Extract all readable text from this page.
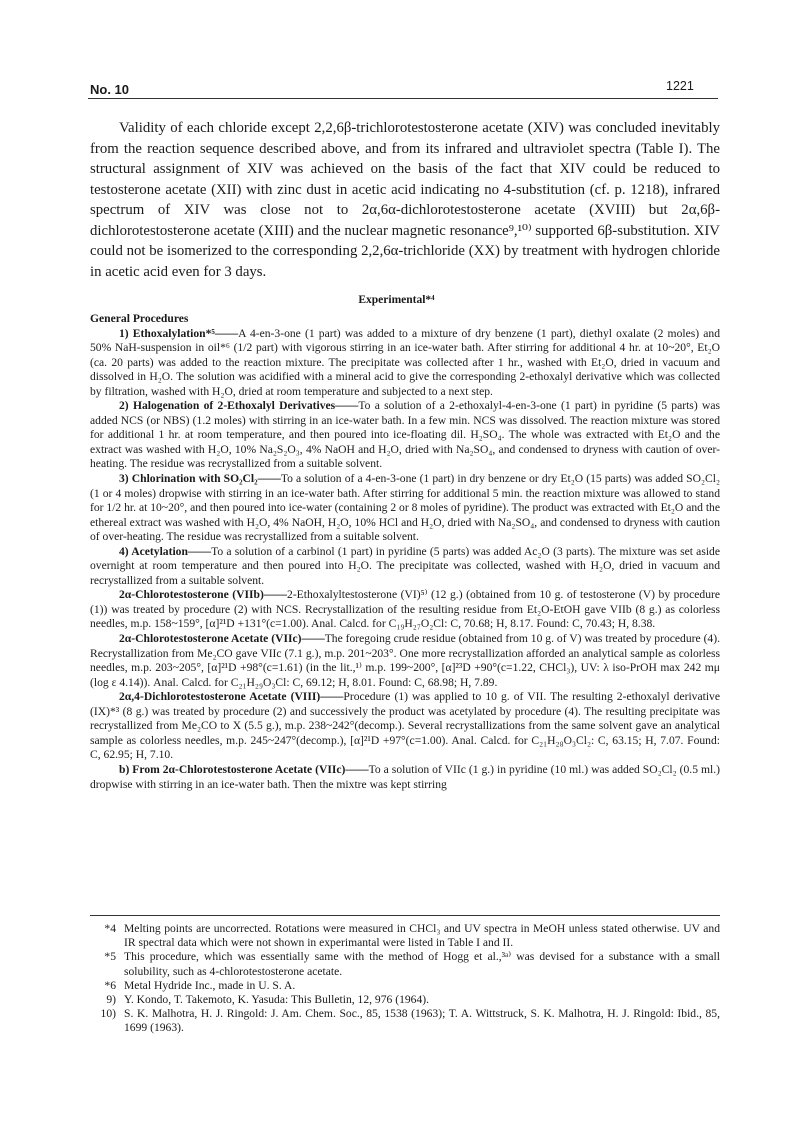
No. 10	1221

Validity of each chloride except 2,2,6β-trichlorotestosterone acetate (XIV) was concluded inevitably from the reaction sequence described above, and from its infrared and ultraviolet spectra (Table I). The structural assignment of XIV was achieved on the basis of the fact that XIV could be reduced to testosterone acetate (XII) with zinc dust in acetic acid indicating no 4-substitution (cf. p. 1218), infrared spectrum of XIV was close not to 2α,6α-dichlorotestosterone acetate (XVIII) but 2α,6β-dichlorotestosterone acetate (XIII) and the nuclear magnetic resonance⁹,¹⁰⁾ supported 6β-substitution. XIV could not be isomerized to the corresponding 2,2,6α-trichloride (XX) by treatment with hydrogen chloride in acetic acid even for 3 days.

Experimental*⁴

General Procedures

1) Ethoxalylation*⁵——A 4-en-3-one (1 part) was added to a mixture of dry benzene (1 part), diethyl oxalate (2 moles) and 50% NaH-suspension in oil*⁶ (1/2 part) with vigorous stirring in an ice-water bath. After stirring for additional 4 hr. at 10~20°, Et₂O (ca. 20 parts) was added to the reaction mixture. The precipitate was collected after 1 hr., washed with Et₂O, dried in vacuum and dissolved in H₂O. The solution was acidified with a mineral acid to give the corresponding 2-ethoxalyl derivative which was collected by filtration, washed with H₂O, dried at room temperature and subjected to a next step.

2) Halogenation of 2-Ethoxalyl Derivatives——To a solution of a 2-ethoxalyl-4-en-3-one (1 part) in pyridine (5 parts) was added NCS (or NBS) (1.2 moles) with stirring in an ice-water bath. In a few min. NCS was dissolved. The reaction mixture was stored for additional 1 hr. at room temperature, and then poured into ice-floating dil. H₂SO₄. The whole was extracted with Et₂O and the extract was washed with H₂O, 10% Na₂S₂O₃, 4% NaOH and H₂O, dried with Na₂SO₄, and condensed to dryness with caution of over-heating. The residue was recrystallized from a suitable solvent.

3) Chlorination with SO₂Cl₂——To a solution of a 4-en-3-one (1 part) in dry benzene or dry Et₂O (15 parts) was added SO₂Cl₂ (1 or 4 moles) dropwise with stirring in an ice-water bath. After stirring for additional 5 min. the reaction mixture was allowed to stand for 1/2 hr. at 10~20°, and then poured into ice-water (containing 2 or 8 moles of pyridine). The product was extracted with Et₂O and the ethereal extract was washed with H₂O, 4% NaOH, H₂O, 10% HCl and H₂O, dried with Na₂SO₄, and condensed to dryness with caution of over-heating. The residue was recrystallized from a suitable solvent.

4) Acetylation——To a solution of a carbinol (1 part) in pyridine (5 parts) was added Ac₂O (3 parts). The mixture was set aside overnight at room temperature and then poured into H₂O. The precipitate was collected, washed with H₂O, dried in vacuum and recrystallized from a suitable solvent.

2α-Chlorotestosterone (VIIb)——2-Ethoxalyltestosterone (VI)⁵⁾ (12 g.) (obtained from 10 g. of testosterone (V) by procedure (1)) was treated by procedure (2) with NCS. Recrystallization of the resulting residue from Et₂O-EtOH gave VIIb (8 g.) as colorless needles, m.p. 158~159°, [α]²¹D +131°(c=1.00). Anal. Calcd. for C₁₉H₂₇O₂Cl: C, 70.68; H, 8.17. Found: C, 70.43; H, 8.38.

2α-Chlorotestosterone Acetate (VIIc)——The foregoing crude residue (obtained from 10 g. of V) was treated by procedure (4). Recrystallization from Me₂CO gave VIIc (7.1 g.), m.p. 201~203°. One more recrystallization afforded an analytical sample as colorless needles, m.p. 203~205°, [α]²¹D +98°(c=1.61) (in the lit.,¹⁾ m.p. 199~200°, [α]²³D +90°(c=1.22, CHCl₃), UV: λ iso-PrOH max 242 mμ (log ε 4.14)). Anal. Calcd. for C₂₁H₂₉O₃Cl: C, 69.12; H, 8.01. Found: C, 68.98; H, 7.89.

2α,4-Dichlorotestosterone Acetate (VIII)——Procedure (1) was applied to 10 g. of VII. The resulting 2-ethoxalyl derivative (IX)*³ (8 g.) was treated by procedure (2) and successively the product was acetylated by procedure (4). The resulting precipitate was recrystallized from Me₂CO to X (5.5 g.), m.p. 238~242°(decomp.). Several recrystallizations from the same solvent gave an analytical sample as colorless needles, m.p. 245~247°(decomp.), [α]²¹D +97°(c=1.00). Anal. Calcd. for C₂₁H₂₈O₃Cl₂: C, 63.15; H, 7.07. Found: C, 62.95; H, 7.10.

b) From 2α-Chlorotestosterone Acetate (VIIc)——To a solution of VIIc (1 g.) in pyridine (10 ml.) was added SO₂Cl₂ (0.5 ml.) dropwise with stirring in an ice-water bath. Then the mixtre was kept stirring

*4 Melting points are uncorrected. Rotations were measured in CHCl₃ and UV spectra in MeOH unless stated otherwise. UV and IR spectral data which were not shown in experimantal were listed in Table I and II.
*5 This procedure, which was essentially same with the method of Hogg et al.,³ᵃ⁾ was devised for a substance with a small solubility, such as 4-chlorotestosterone acetate.
*6 Metal Hydride Inc., made in U. S. A.
9) Y. Kondo, T. Takemoto, K. Yasuda: This Bulletin, 12, 976 (1964).
10) S. K. Malhotra, H. J. Ringold: J. Am. Chem. Soc., 85, 1538 (1963); T. A. Wittstruck, S. K. Malhotra, H. J. Ringold: Ibid., 85, 1699 (1963).
